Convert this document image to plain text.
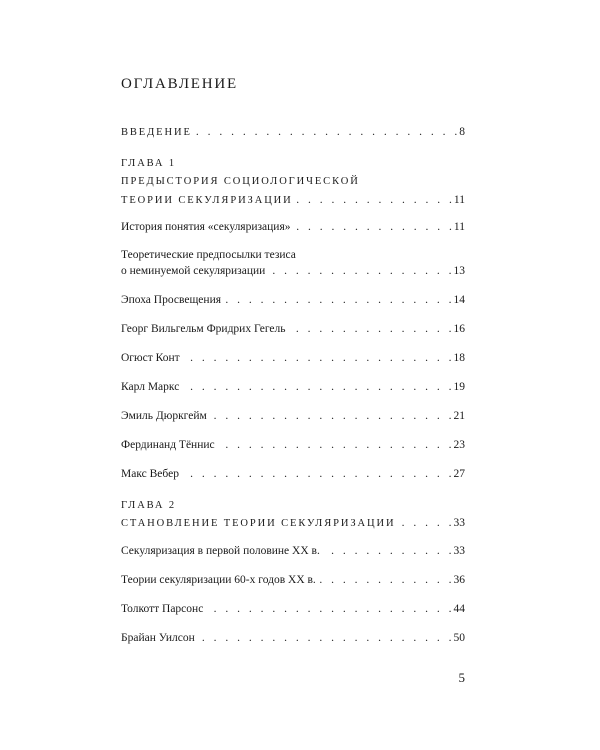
ОГЛАВЛЕНИЕ
ВВЕДЕНИЕ . . .	8
ГЛАВА 1
ПРЕДЫСТОРИЯ СОЦИОЛОГИЧЕСКОЙ
ТЕОРИИ СЕКУЛЯРИЗАЦИИ . . .	11
История понятия «секуляризация» . . .	11
Теоретические предпосылки тезиса
о неминуемой секуляризации . . .	13
Эпоха Просвещения . . .	14
Георг Вильгельм Фридрих Гегель . . .	16
Огюст Конт . . .	18
Карл Маркс . . .	19
Эмиль Дюркгейм . . .	21
Фердинанд Тённис . . .	23
Макс Вебер . . .	27
ГЛАВА 2
СТАНОВЛЕНИЕ ТЕОРИИ СЕКУЛЯРИЗАЦИИ . . .	33
Секуляризация в первой половине XX в. . . .	33
Теории секуляризации 60-х годов XX в. . . .	36
Толкотт Парсонс . . .	44
Брайан Уилсон . . .	50
5
